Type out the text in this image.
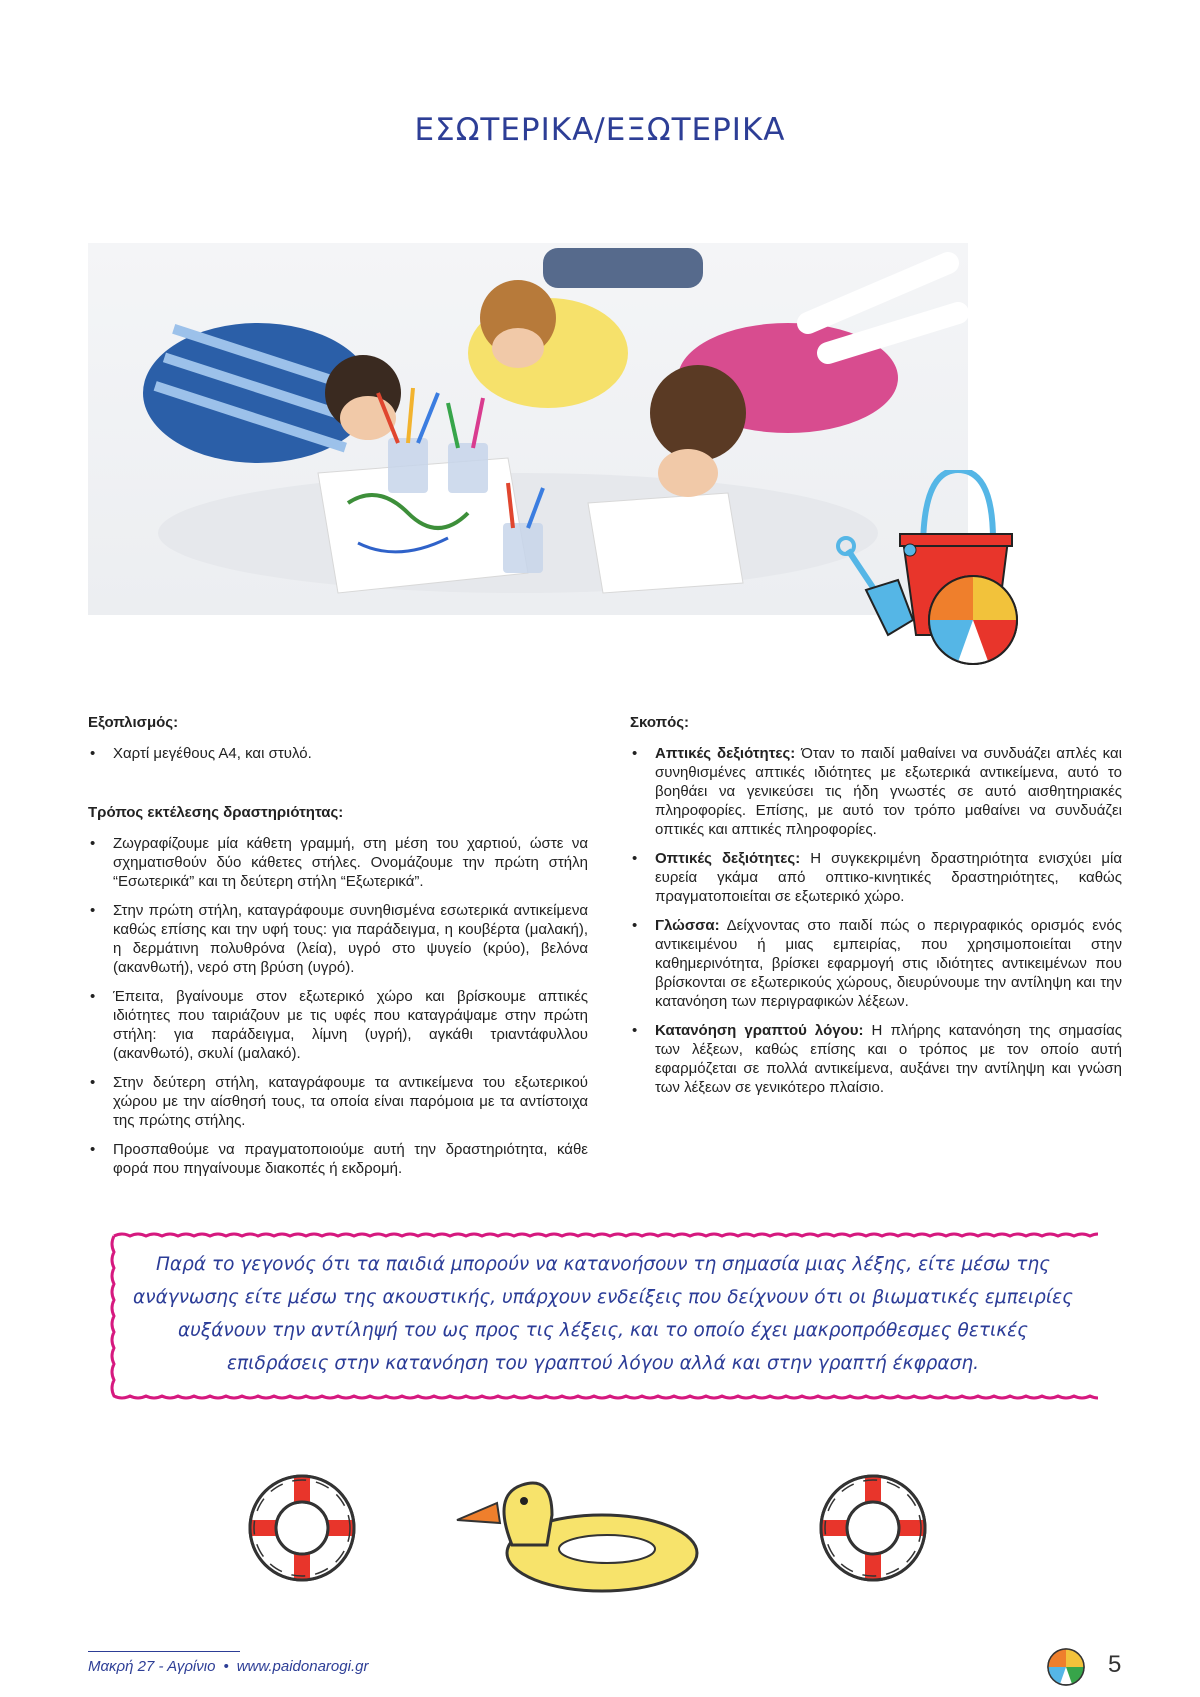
ΕΣΩΤΕΡΙΚΑ/ΕΞΩΤΕΡΙΚΑ
Εξοπλισμός:
• Χαρτί μεγέθους Α4, και στυλό.
Τρόπος εκτέλεσης δραστηριότητας:
• Ζωγραφίζουμε μία κάθετη γραμμή, στη μέση του χαρτιού, ώστε να σχηματισθούν δύο κάθετες στήλες. Ονομάζουμε την πρώτη στήλη “Εσωτερικά” και τη δεύτερη στήλη “Εξωτερικά”.
• Στην πρώτη στήλη, καταγράφουμε συνηθισμένα εσωτερικά αντικείμενα καθώς επίσης και την υφή τους: για παράδειγμα, η κουβέρτα (μαλακή), η δερμάτινη πολυθρόνα (λεία), υγρό στο ψυγείο (κρύο), βελόνα (ακανθωτή), νερό στη βρύση (υγρό).
• Έπειτα, βγαίνουμε στον εξωτερικό χώρο και βρίσκουμε απτικές ιδιότητες που ταιριάζουν με τις υφές που καταγράψαμε στην πρώτη στήλη: για παράδειγμα, λίμνη (υγρή), αγκάθι τριαντάφυλλου (ακανθωτό), σκυλί (μαλακό).
• Στην δεύτερη στήλη, καταγράφουμε τα αντικείμενα του εξωτερικού χώρου με την αίσθησή τους, τα οποία είναι παρόμοια με τα αντίστοιχα της πρώτης στήλης.
• Προσπαθούμε να πραγματοποιούμε αυτή την δραστηριότητα, κάθε φορά που πηγαίνουμε διακοπές ή εκδρομή.
Σκοπός:
• Απτικές δεξιότητες: Όταν το παιδί μαθαίνει να συνδυάζει απλές και συνηθισμένες απτικές ιδιότητες με εξωτερικά αντικείμενα, αυτό το βοηθάει να γενικεύσει τις ήδη γνωστές σε αυτό αισθητηριακές πληροφορίες. Επίσης, με αυτό τον τρόπο μαθαίνει να συνδυάζει οπτικές και απτικές πληροφορίες.
• Οπτικές δεξιότητες: Η συγκεκριμένη δραστηριότητα ενισχύει μία ευρεία γκάμα από οπτικο-κινητικές δραστηριότητες, καθώς πραγματοποιείται σε εξωτερικό χώρο.
• Γλώσσα: Δείχνοντας στο παιδί πώς ο περιγραφικός ορισμός ενός αντικειμένου ή μιας εμπειρίας, που χρησιμοποιείται στην καθημερινότητα, βρίσκει εφαρμογή στις ιδιότητες αντικειμένων που βρίσκονται σε εξωτερικούς χώρους, διευρύνουμε την αντίληψη και την κατανόηση των περιγραφικών λέξεων.
• Κατανόηση γραπτού λόγου: Η πλήρης κατανόηση της σημασίας των λέξεων, καθώς επίσης και ο τρόπος με τον οποίο αυτή εφαρμόζεται σε πολλά αντικείμενα, αυξάνει την αντίληψη και γνώση των λέξεων σε γενικότερο πλαίσιο.
Παρά το γεγονός ότι τα παιδιά μπορούν να κατανοήσουν τη σημασία μιας λέξης, είτε μέσω της ανάγνωσης είτε μέσω της ακουστικής, υπάρχουν ενδείξεις που δείχνουν ότι οι βιωματικές εμπειρίες αυξάνουν την αντίληψή του ως προς τις λέξεις, και το οποίο έχει μακροπρόθεσμες θετικές επιδράσεις στην κατανόηση του γραπτού λόγου αλλά και στην γραπτή έκφραση.
Μακρή 27 - Αγρίνιο • www.paidonarogi.gr	5
